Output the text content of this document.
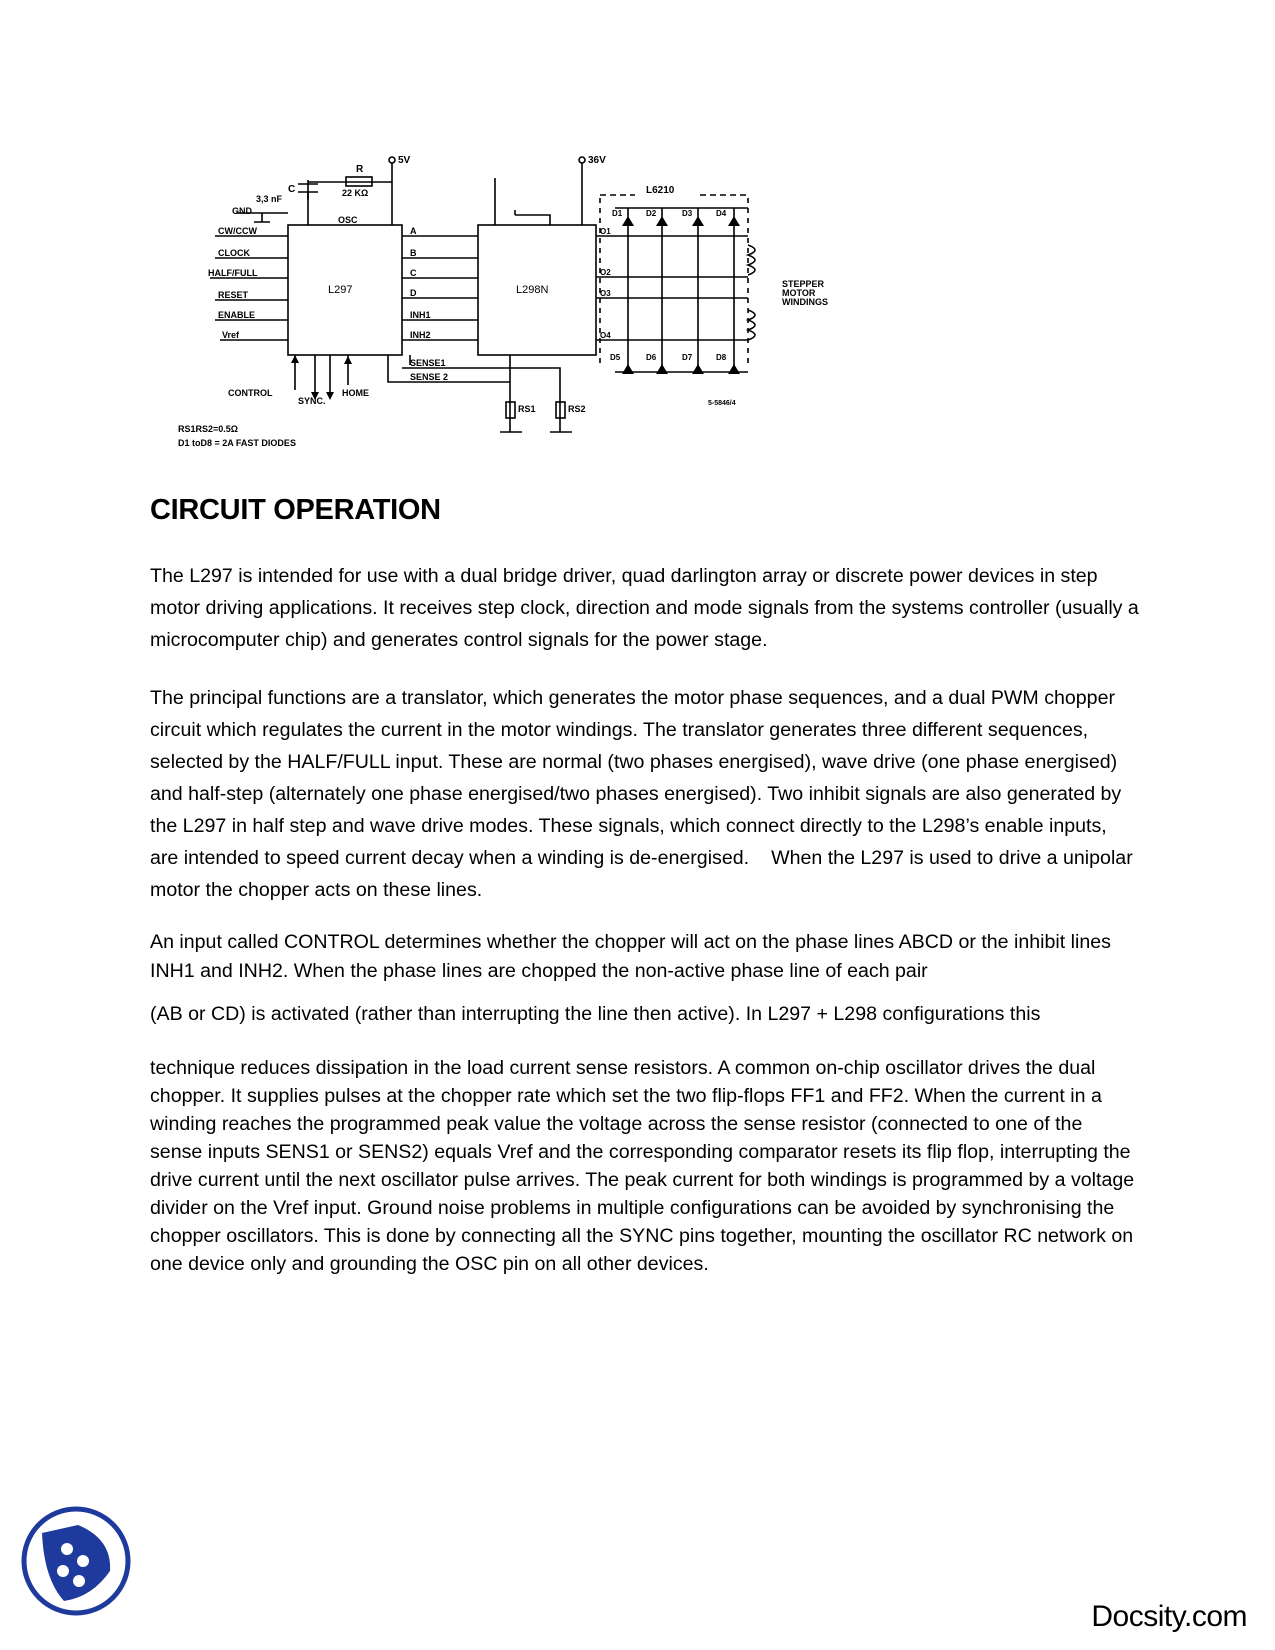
5V	36V
R
22 KΩ
C
3,3 nF
GND
OSC
L297	L298N
L6210
CW/CCW
CLOCK
HALF/FULL
RESET
ENABLE
Vref
A
B
C
D
INH1
INH2
SENSE1
SENSE 2
CONTROL
SYNC.
HOME
RS1	RS2
D1	D2	D3	D4
D5	D6	D7	D8
O1
O2
O3
O4
STEPPER
MOTOR
WINDINGS
5-5846/4
RS1RS2=0.5Ω
D1 toD8 = 2A FAST DIODES
CIRCUIT OPERATION

The L297 is intended for use with a dual bridge driver, quad darlington array or discrete power devices in step motor driving applications. It receives step clock, direction and mode signals from the systems controller (usually a microcomputer chip) and generates control signals for the power stage.

The principal functions are a translator, which generates the motor phase sequences, and a dual PWM chopper circuit which regulates the current in the motor windings. The translator generates three different sequences, selected by the HALF/FULL input. These are normal (two phases energised), wave drive (one phase energised) and half-step (alternately one phase energised/two phases energised). Two inhibit signals are also generated by the L297 in half step and wave drive modes. These signals, which connect directly to the L298’s enable inputs, are intended to speed current decay when a winding is de-energised. When the L297 is used to drive a unipolar motor the chopper acts on these lines.

An input called CONTROL determines whether the chopper will act on the phase lines ABCD or the inhibit lines INH1 and INH2. When the phase lines are chopped the non-active phase line of each pair

(AB or CD) is activated (rather than interrupting the line then active). In L297 + L298 configurations this

technique reduces dissipation in the load current sense resistors. A common on-chip oscillator drives the dual chopper. It supplies pulses at the chopper rate which set the two flip-flops FF1 and FF2. When the current in a winding reaches the programmed peak value the voltage across the sense resistor (connected to one of the sense inputs SENS1 or SENS2) equals Vref and the corresponding comparator resets its flip flop, interrupting the drive current until the next oscillator pulse arrives. The peak current for both windings is programmed by a voltage divider on the Vref input. Ground noise problems in multiple configurations can be avoided by synchronising the chopper oscillators. This is done by connecting all the SYNC pins together, mounting the oscillator RC network on one device only and grounding the OSC pin on all other devices.

Docsity.com
